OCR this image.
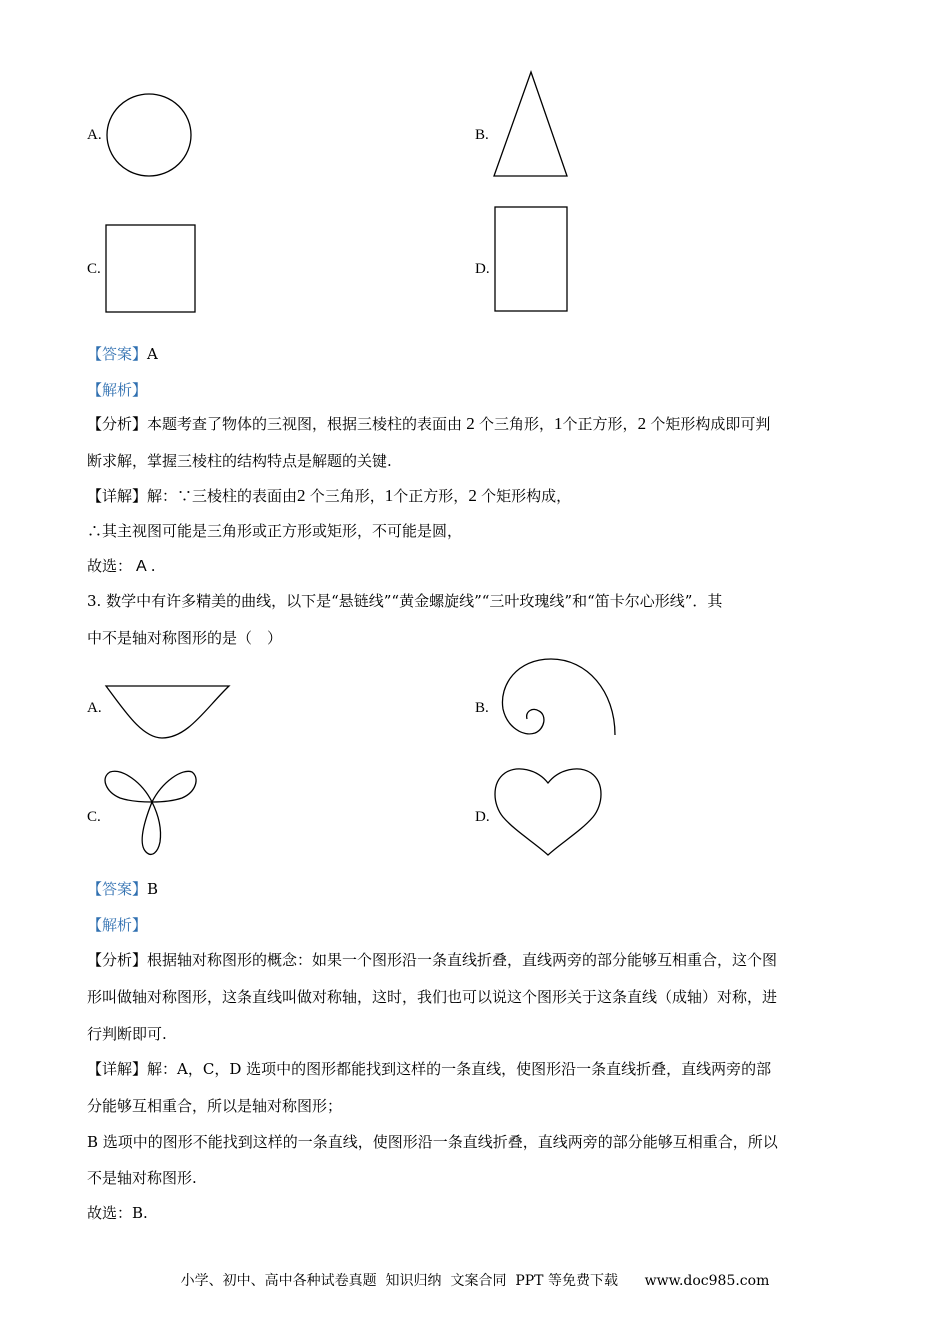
A.	B.
C.	D.
【答案】A
【解析】
【分析】本题考查了物体的三视图，根据三棱柱的表面由 2 个三角形，1个正方形，2 个矩形构成即可判
断求解，掌握三棱柱的结构特点是解题的关键.
【详解】解：∵三棱柱的表面由2 个三角形，1个正方形，2 个矩形构成，
∴其主视图可能是三角形或正方形或矩形，不可能是圆，
故选： A .
3. 数学中有许多精美的曲线，以下是“悬链线”“黄金螺旋线”“三叶玫瑰线”和“笛卡尔心形线”．其
中不是轴对称图形的是（　）
A.	B.
C.	D.
【答案】B
【解析】
【分析】根据轴对称图形的概念：如果一个图形沿一条直线折叠，直线两旁的部分能够互相重合，这个图
形叫做轴对称图形，这条直线叫做对称轴，这时，我们也可以说这个图形关于这条直线（成轴）对称，进
行判断即可.
【详解】解：A，C，D 选项中的图形都能找到这样的一条直线，使图形沿一条直线折叠，直线两旁的部
分能够互相重合，所以是轴对称图形；
B 选项中的图形不能找到这样的一条直线，使图形沿一条直线折叠，直线两旁的部分能够互相重合，所以
不是轴对称图形.
故选：B.
小学、初中、高中各种试卷真题  知识归纳  文案合同  PPT 等免费下载      www.doc985.com
